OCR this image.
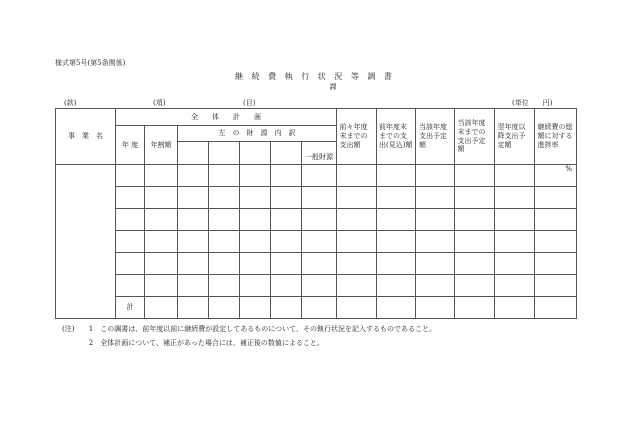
様式第5号(第5条関係)
継 続 費 執 行 状 況 等 調 書
課
(款)	(項)	(目)	(単位　　円)
事　業　名	全　　体　　計　　画							前々年度末までの支出額	前年度末までの支出(見込)額	当該年度支出予定額	当該年度末までの支出予定額	翌年度以降支出予定額	継続費の総額に対する進捗率
	年 度	年割額	左　の　財　源　内　訳										
							一般財源						
													%

	計												
(注) 1 この調書は、前年度以前に継続費が設定してあるものについて、その執行状況を記入するものであること。
2 全体計画について、補正があった場合には、補正後の数値によること。
